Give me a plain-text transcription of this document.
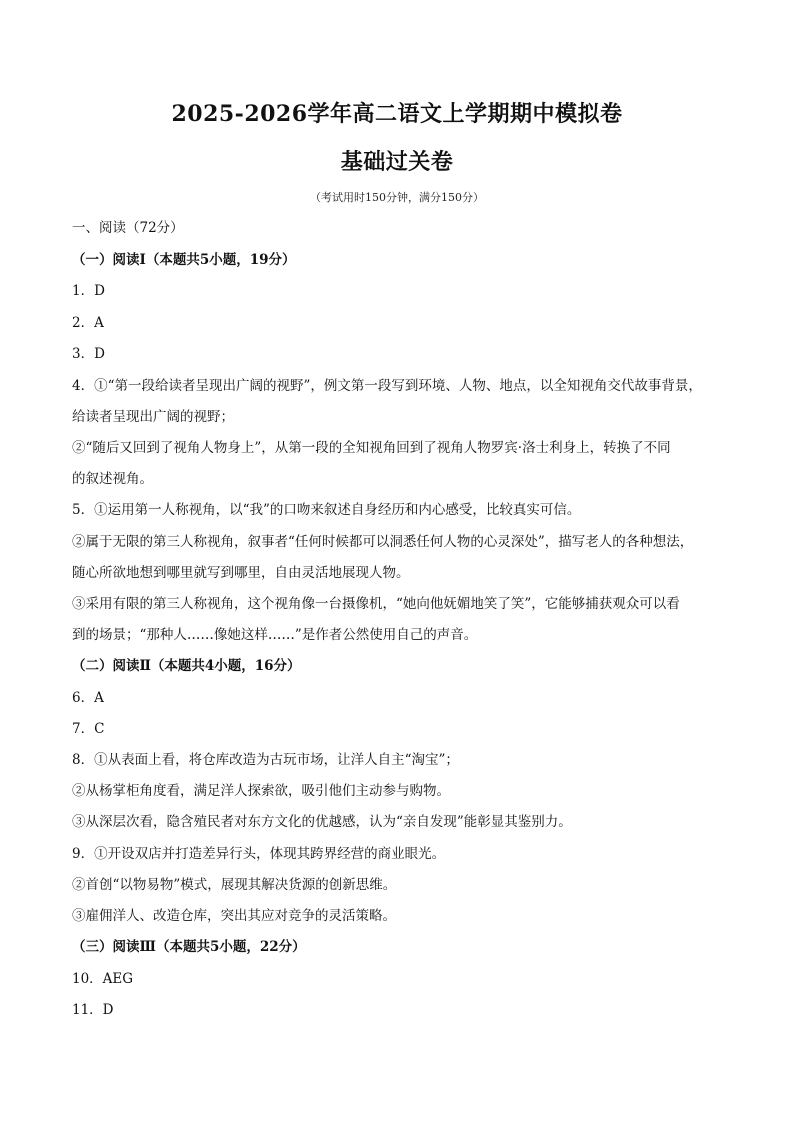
2025-2026学年高二语文上学期期中模拟卷
基础过关卷
（考试用时150分钟，满分150分）
一、阅读（72分）
（一）阅读Ⅰ（本题共5小题，19分）
1．D
2．A
3．D
4．①“第一段给读者呈现出广阔的视野”，例文第一段写到环境、人物、地点，以全知视角交代故事背景，
给读者呈现出广阔的视野；
②“随后又回到了视角人物身上”，从第一段的全知视角回到了视角人物罗宾·洛士利身上，转换了不同
的叙述视角。
5．①运用第一人称视角，以“我”的口吻来叙述自身经历和内心感受，比较真实可信。
②属于无限的第三人称视角，叙事者“任何时候都可以洞悉任何人物的心灵深处”，描写老人的各种想法，
随心所欲地想到哪里就写到哪里，自由灵活地展现人物。
③采用有限的第三人称视角，这个视角像一台摄像机，“她向他妩媚地笑了笑”，它能够捕获观众可以看
到的场景；“那种人……像她这样……”是作者公然使用自己的声音。
（二）阅读Ⅱ（本题共4小题，16分）
6．A
7．C
8．①从表面上看，将仓库改造为古玩市场，让洋人自主“淘宝”；
②从杨掌柜角度看，满足洋人探索欲，吸引他们主动参与购物。
③从深层次看，隐含殖民者对东方文化的优越感，认为“亲自发现”能彰显其鉴别力。
9．①开设双店并打造差异行头，体现其跨界经营的商业眼光。
②首创“以物易物”模式，展现其解决货源的创新思维。
③雇佣洋人、改造仓库，突出其应对竞争的灵活策略。
（三）阅读Ⅲ（本题共5小题，22分）
10．AEG
11．D
